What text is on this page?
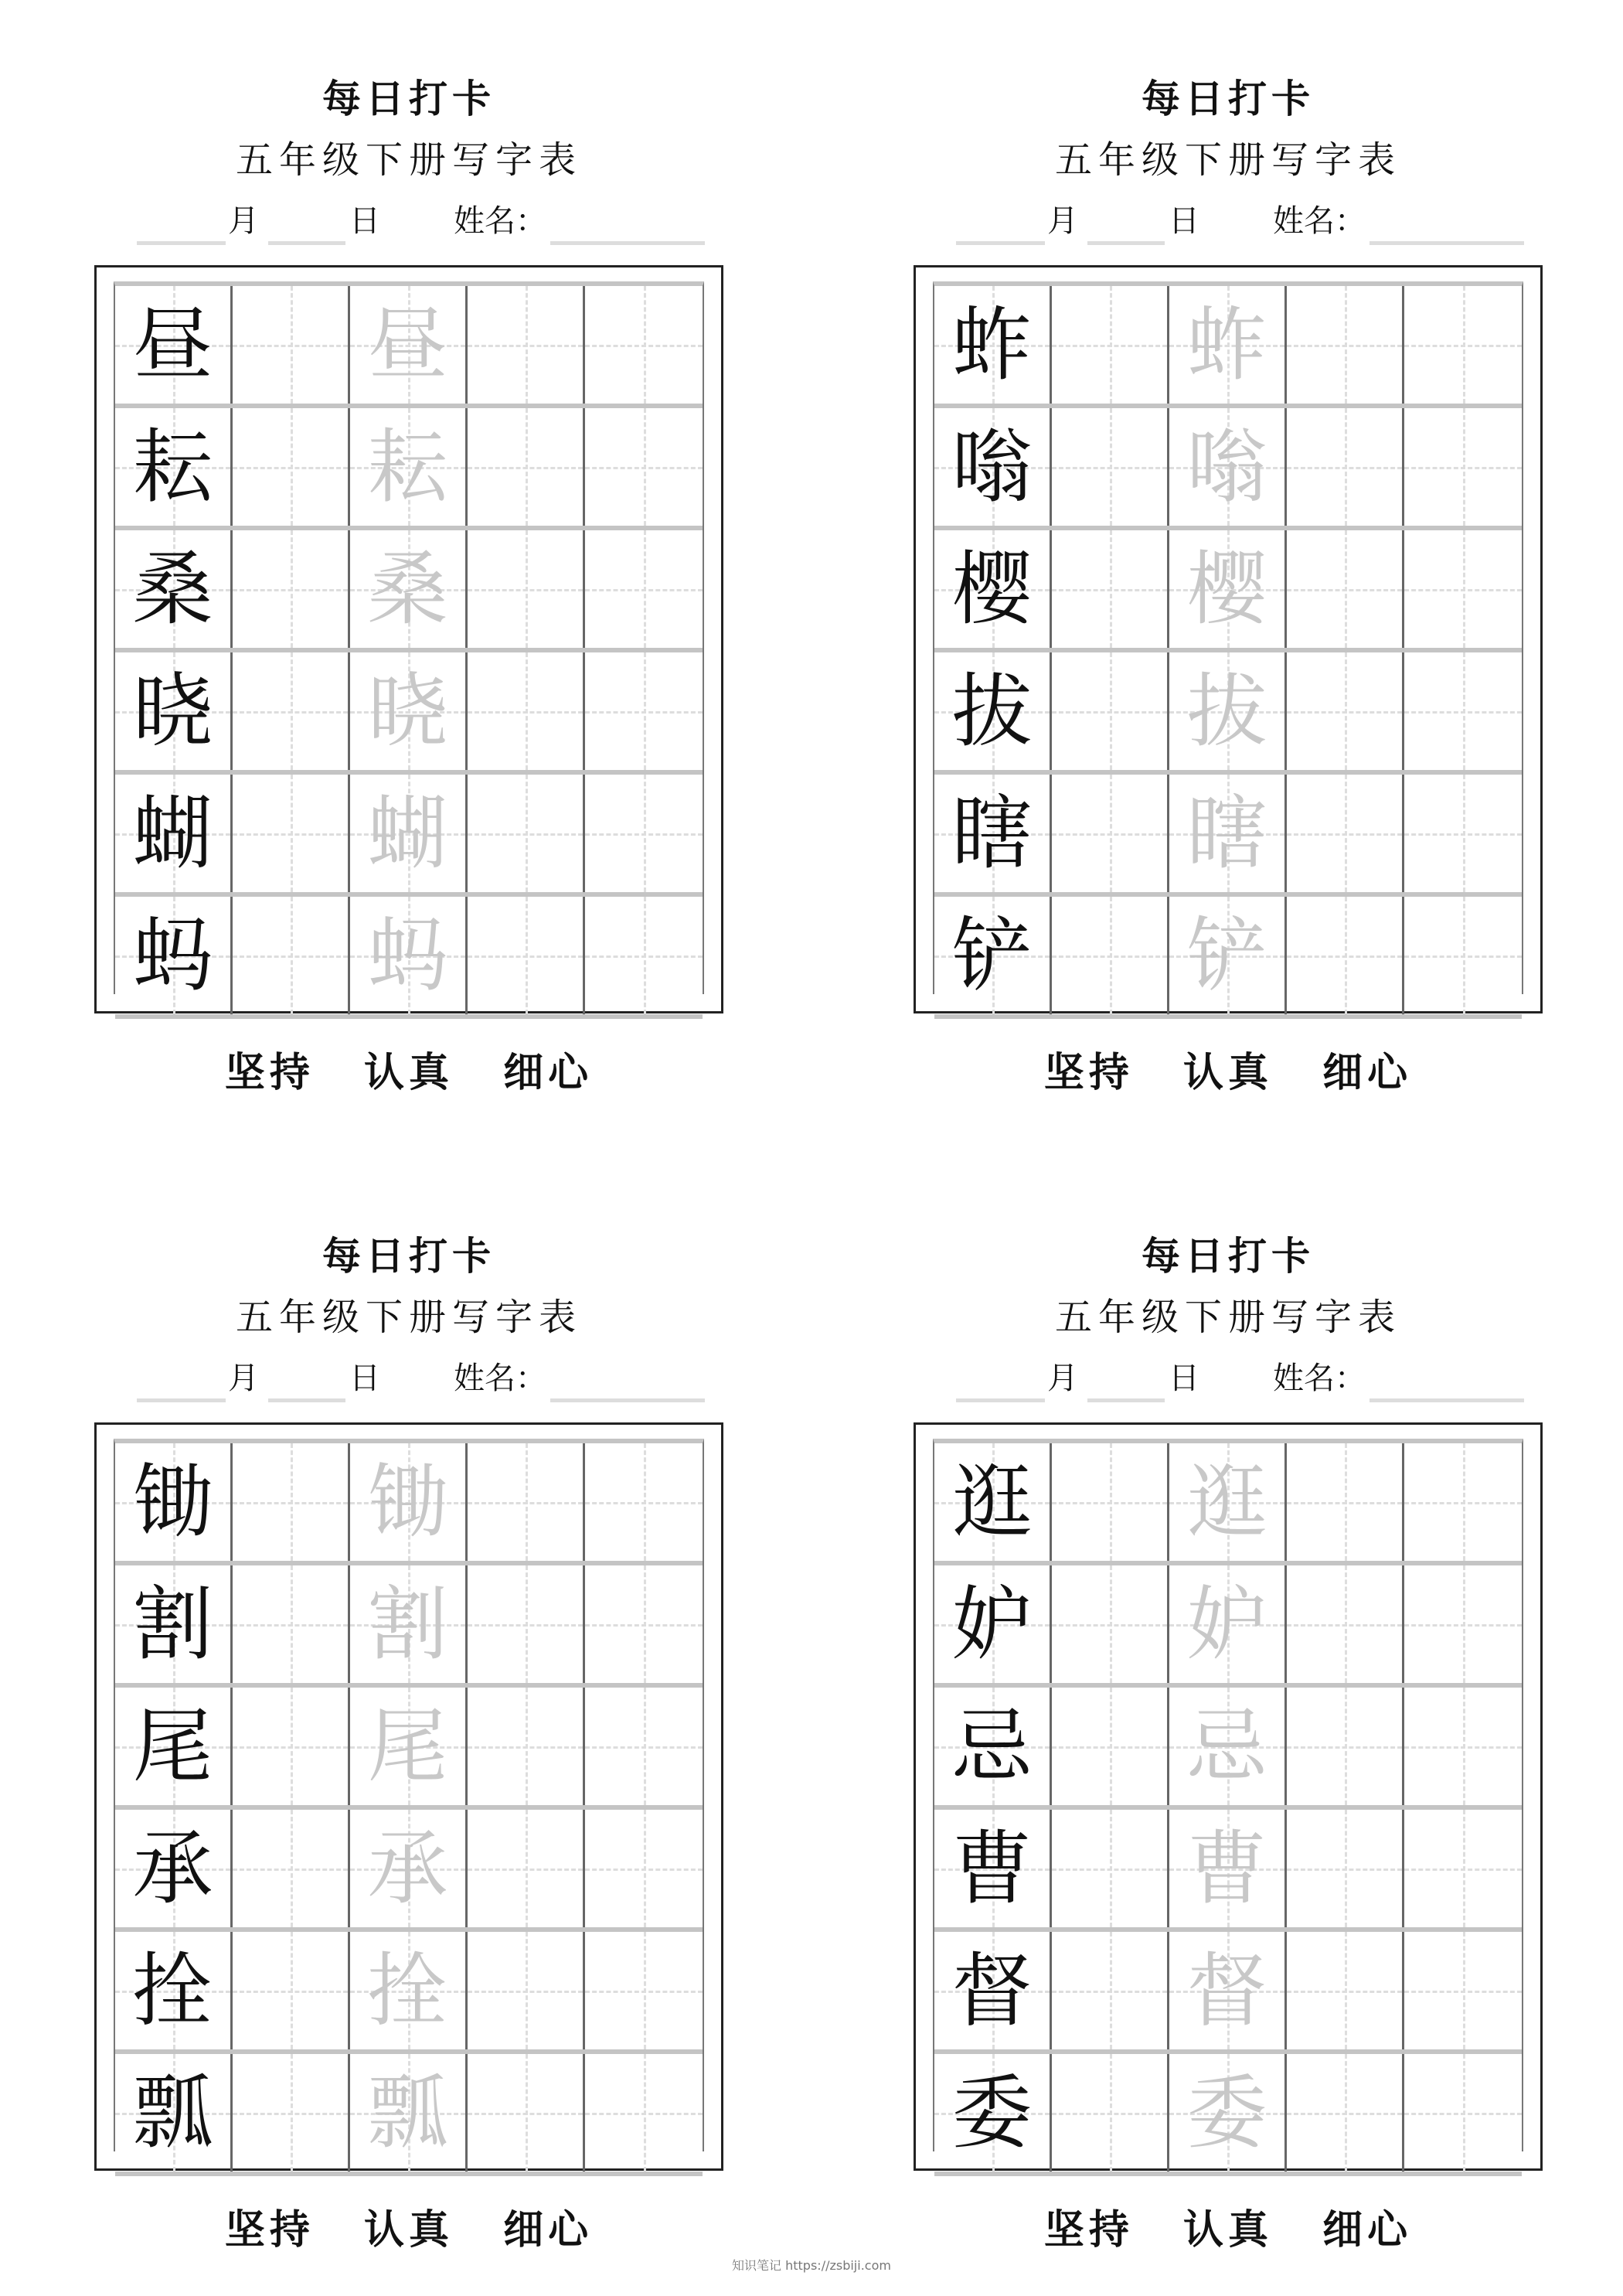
每日打卡
五年级下册写字表
月	日 姓名：
昼 昼
耘 耘
桑 桑
晓 晓
蝴 蝴
蚂 蚂
坚持 认真 细心
每日打卡
五年级下册写字表
月	日 姓名：
蚱 蚱
嗡 嗡
樱 樱
拔 拔
瞎 瞎
铲 铲
坚持 认真 细心
每日打卡
五年级下册写字表
月	日 姓名：
锄 锄
割 割
尾 尾
承 承
拴 拴
瓢 瓢
坚持 认真 细心
每日打卡
五年级下册写字表
月	日 姓名：
逛 逛
妒 妒
忌 忌
曹 曹
督 督
委 委
坚持 认真 细心
知识笔记 https://zsbiji.com
